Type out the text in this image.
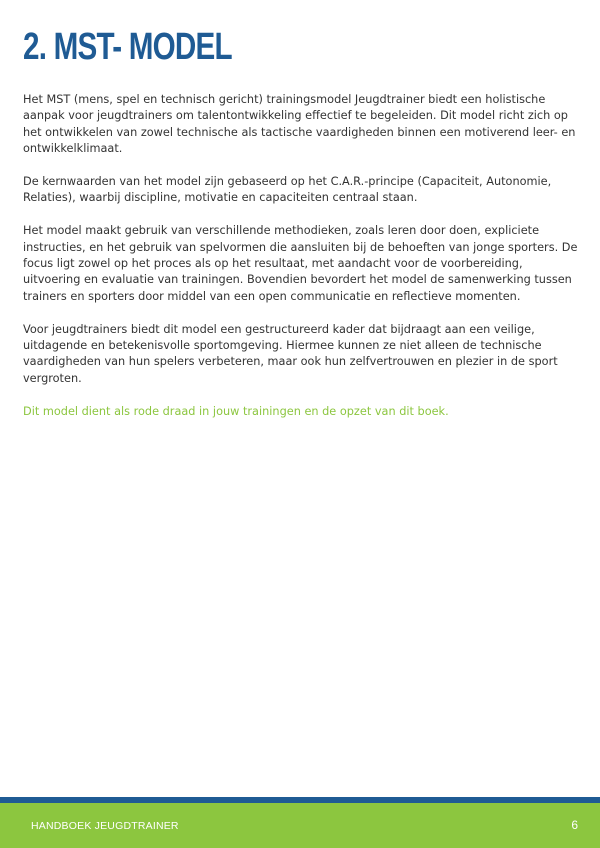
2. MST- MODEL

Het MST (mens, spel en technisch gericht) trainingsmodel Jeugdtrainer biedt een holistische aanpak voor jeugdtrainers om talentontwikkeling effectief te begeleiden. Dit model richt zich op het ontwikkelen van zowel technische als tactische vaardigheden binnen een motiverend leer- en ontwikkelklimaat.

De kernwaarden van het model zijn gebaseerd op het C.A.R.-principe (Capaciteit, Autonomie, Relaties), waarbij discipline, motivatie en capaciteiten centraal staan.

Het model maakt gebruik van verschillende methodieken, zoals leren door doen, expliciete instructies, en het gebruik van spelvormen die aansluiten bij de behoeften van jonge sporters. De focus ligt zowel op het proces als op het resultaat, met aandacht voor de voorbereiding, uitvoering en evaluatie van trainingen. Bovendien bevordert het model de samenwerking tussen trainers en sporters door middel van een open communicatie en reflectieve momenten.

Voor jeugdtrainers biedt dit model een gestructureerd kader dat bijdraagt aan een veilige, uitdagende en betekenisvolle sportomgeving. Hiermee kunnen ze niet alleen de technische vaardigheden van hun spelers verbeteren, maar ook hun zelfvertrouwen en plezier in de sport vergroten.

Dit model dient als rode draad in jouw trainingen en de opzet van dit boek.

HANDBOEK JEUGDTRAINER	6
